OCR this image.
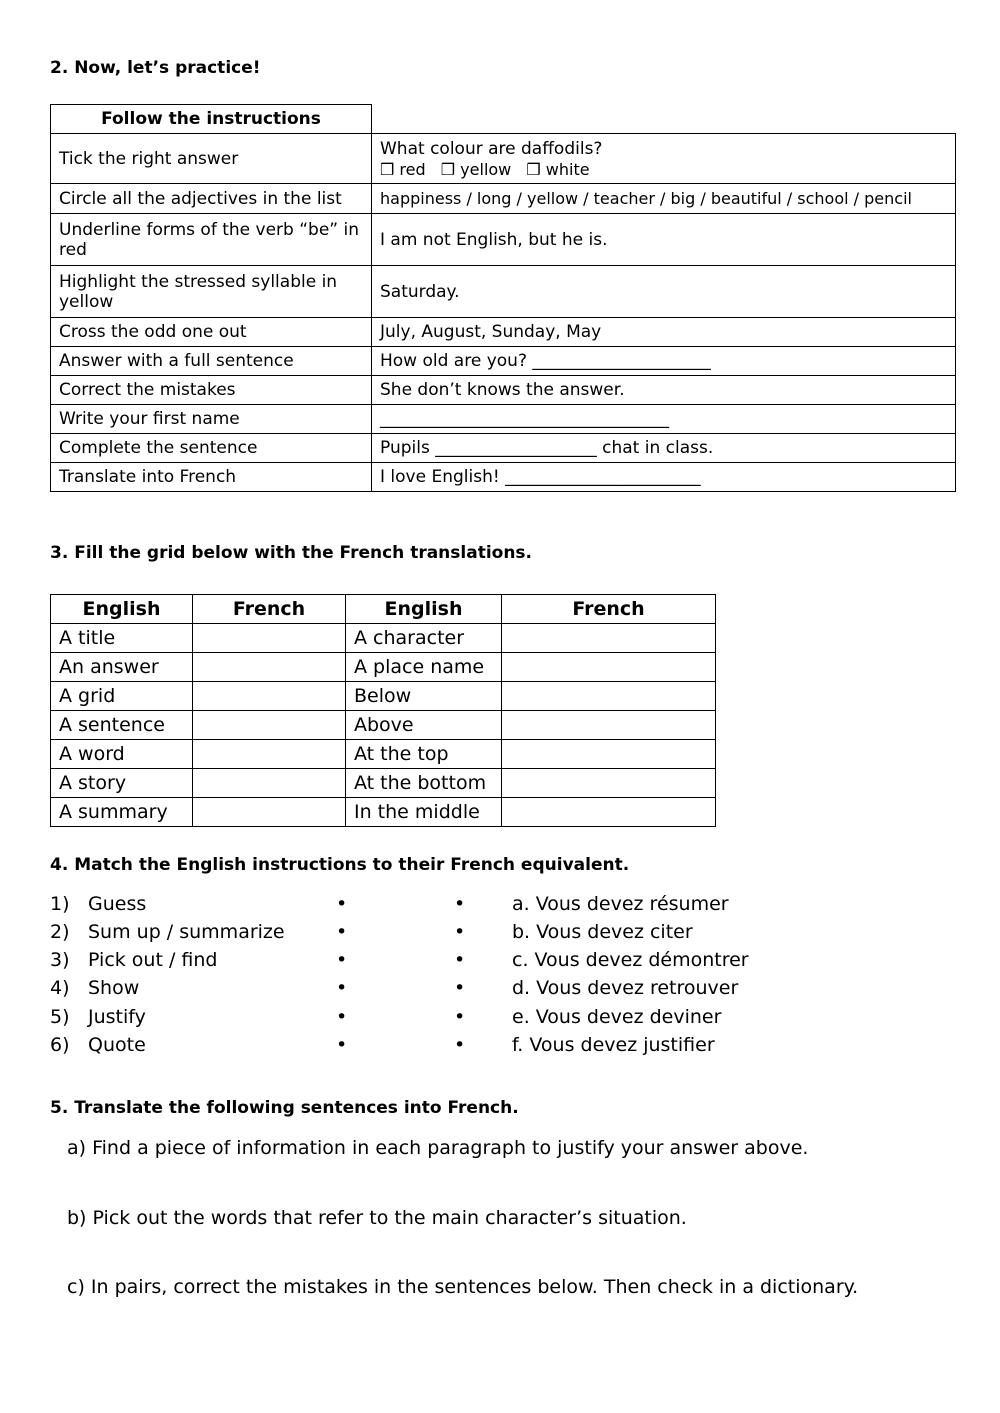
2. Now, let’s practice!
Follow the instructions	
Tick the right answer	What colour are daffodils?
❒ red ❒ yellow ❒ white

Circle all the adjectives in the list	happiness / long / yellow / teacher / big / beautiful / school / pencil
Underline forms of the verb “be” in red	I am not English, but he is.
Highlight the stressed syllable in yellow	Saturday.
Cross the odd one out	July, August, Sunday, May
Answer with a full sentence	How old are you? _____________________
Correct the mistakes	She don’t knows the answer.
Write your first name	__________________________________
Complete the sentence	Pupils ___________________ chat in class.
Translate into French	I love English! _______________________
3. Fill the grid below with the French translations.
English	French	English	French
A title		A character	
An answer		A place name	
A grid		Below	
A sentence		Above	
A word		At the top	
A story		At the bottom	
A summary		In the middle	
4. Match the English instructions to their French equivalent.
1) Guess	•	• a. Vous devez résumer
2) Sum up / summarize	•	• b. Vous devez citer
3) Pick out / find	•	• c. Vous devez démontrer
4) Show	•	• d. Vous devez retrouver
5) Justify	•	• e. Vous devez deviner
6) Quote	•	• f. Vous devez justifier
5. Translate the following sentences into French.
a) Find a piece of information in each paragraph to justify your answer above.
b) Pick out the words that refer to the main character’s situation.
c) In pairs, correct the mistakes in the sentences below. Then check in a dictionary.
